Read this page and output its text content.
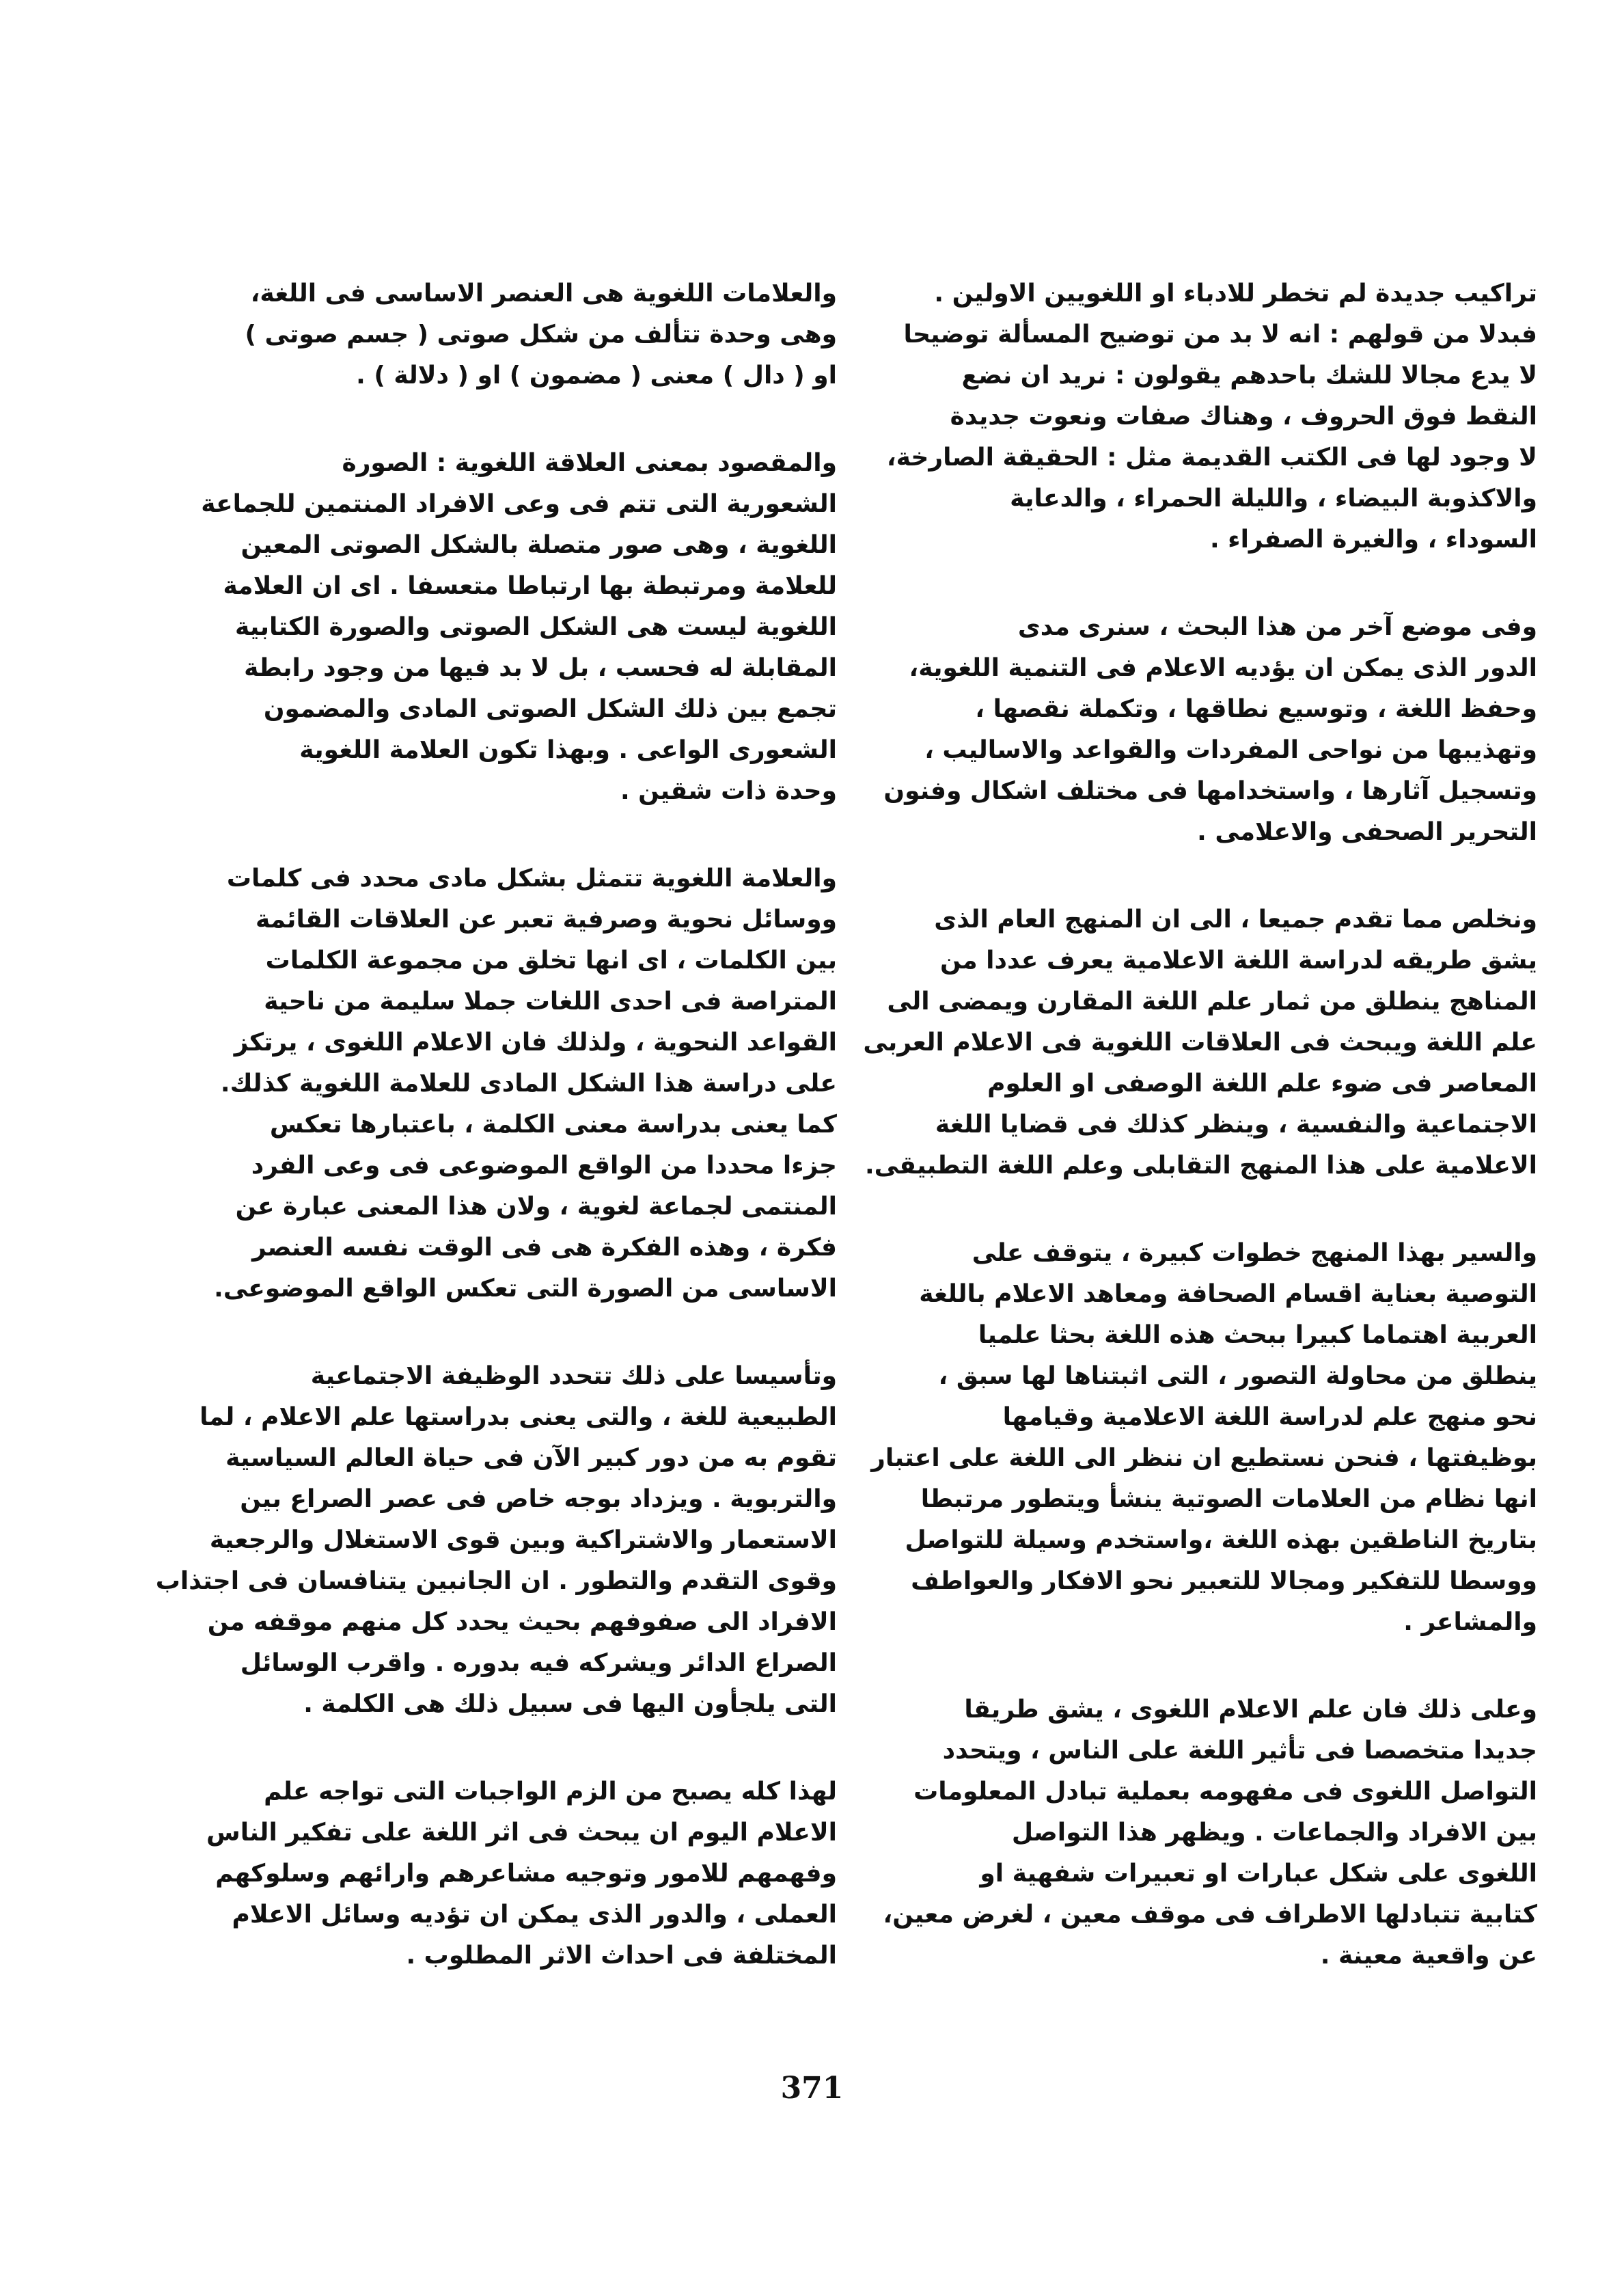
تراكيب جديدة لم تخطر للادباء او اللغويين الاولين .
فبدلا من قولهم : انه لا بد من توضيح المسألة توضيحا
لا يدع مجالا للشك باحدهم يقولون : نريد ان نضع
النقط فوق الحروف ، وهناك صفات ونعوت جديدة
لا وجود لها فى الكتب القديمة مثل : الحقيقة الصارخة،
والاكذوبة البيضاء ، والليلة الحمراء ، والدعاية
السوداء ، والغيرة الصفراء .
وفى موضع آخر من هذا البحث ، سنرى مدى
الدور الذى يمكن ان يؤديه الاعلام فى التنمية اللغوية،
وحفظ اللغة ، وتوسيع نطاقها ، وتكملة نقصها ،
وتهذيبها من نواحى المفردات والقواعد والاساليب ،
وتسجيل آثارها ، واستخدامها فى مختلف اشكال وفنون
التحرير الصحفى والاعلامى .
ونخلص مما تقدم جميعا ، الى ان المنهج العام الذى
يشق طريقه لدراسة اللغة الاعلامية يعرف عددا من
المناهج ينطلق من ثمار علم اللغة المقارن ويمضى الى
علم اللغة ويبحث فى العلاقات اللغوية فى الاعلام العربى
المعاصر فى ضوء علم اللغة الوصفى او العلوم
الاجتماعية والنفسية ، وينظر كذلك فى قضايا اللغة
الاعلامية على هذا المنهج التقابلى وعلم اللغة التطبيقى.
والسير بهذا المنهج خطوات كبيرة ، يتوقف على
التوصية بعناية اقسام الصحافة ومعاهد الاعلام باللغة
العربية اهتماما كبيرا ببحث هذه اللغة بحثا علميا
ينطلق من محاولة التصور ، التى اثبتناها لها سبق ،
نحو منهج علم لدراسة اللغة الاعلامية وقيامها
بوظيفتها ، فنحن نستطيع ان ننظر الى اللغة على اعتبار
انها نظام من العلامات الصوتية ينشأ ويتطور مرتبطا
بتاريخ الناطقين بهذه اللغة ،واستخدم وسيلة للتواصل
ووسطا للتفكير ومجالا للتعبير نحو الافكار والعواطف
والمشاعر .
وعلى ذلك فان علم الاعلام اللغوى ، يشق طريقا
جديدا متخصصا فى تأثير اللغة على الناس ، ويتحدد
التواصل اللغوى فى مفهومه بعملية تبادل المعلومات
بين الافراد والجماعات . ويظهر هذا التواصل
اللغوى على شكل عبارات او تعبيرات شفهية او
كتابية تتبادلها الاطراف فى موقف معين ، لغرض معين،
عن واقعية معينة .
والعلامات اللغوية هى العنصر الاساسى فى اللغة،
وهى وحدة تتألف من شكل صوتى ( جسم صوتى )
او ( دال ) معنى ( مضمون ) او ( دلالة ) .
والمقصود بمعنى العلاقة اللغوية : الصورة
الشعورية التى تتم فى وعى الافراد المنتمين للجماعة
اللغوية ، وهى صور متصلة بالشكل الصوتى المعين
للعلامة ومرتبطة بها ارتباطا متعسفا . اى ان العلامة
اللغوية ليست هى الشكل الصوتى والصورة الكتابية
المقابلة له فحسب ، بل لا بد فيها من وجود رابطة
تجمع بين ذلك الشكل الصوتى المادى والمضمون
الشعورى الواعى . وبهذا تكون العلامة اللغوية
وحدة ذات شقين .
والعلامة اللغوية تتمثل بشكل مادى محدد فى كلمات
ووسائل نحوية وصرفية تعبر عن العلاقات القائمة
بين الكلمات ، اى انها تخلق من مجموعة الكلمات
المتراصة فى احدى اللغات جملا سليمة من ناحية
القواعد النحوية ، ولذلك فان الاعلام اللغوى ، يرتكز
على دراسة هذا الشكل المادى للعلامة اللغوية كذلك.
كما يعنى بدراسة معنى الكلمة ، باعتبارها تعكس
جزءا محددا من الواقع الموضوعى فى وعى الفرد
المنتمى لجماعة لغوية ، ولان هذا المعنى عبارة عن
فكرة ، وهذه الفكرة هى فى الوقت نفسه العنصر
الاساسى من الصورة التى تعكس الواقع الموضوعى.
وتأسيسا على ذلك تتحدد الوظيفة الاجتماعية
الطبيعية للغة ، والتى يعنى بدراستها علم الاعلام ، لما
تقوم به من دور كبير الآن فى حياة العالم السياسية
والتربوية . ويزداد بوجه خاص فى عصر الصراع بين
الاستعمار والاشتراكية وبين قوى الاستغلال والرجعية
وقوى التقدم والتطور . ان الجانبين يتنافسان فى اجتذاب
الافراد الى صفوفهم بحيث يحدد كل منهم موقفه من
الصراع الدائر ويشركه فيه بدوره . واقرب الوسائل
التى يلجأون اليها فى سبيل ذلك هى الكلمة .
لهذا كله يصبح من الزم الواجبات التى تواجه علم
الاعلام اليوم ان يبحث فى اثر اللغة على تفكير الناس
وفهمهم للامور وتوجيه مشاعرهم وارائهم وسلوكهم
العملى ، والدور الذى يمكن ان تؤديه وسائل الاعلام
المختلفة فى احداث الاثر المطلوب .
371
